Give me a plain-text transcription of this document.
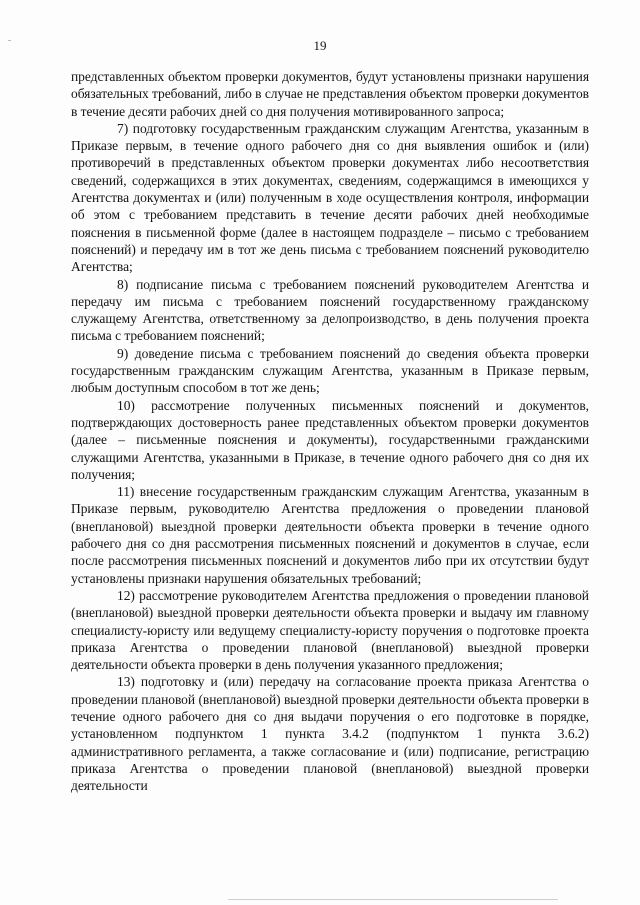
19

представленных объектом проверки документов, будут установлены признаки нарушения обязательных требований, либо в случае не представления объектом проверки документов в течение десяти рабочих дней со дня получения мотивированного запроса;

7) подготовку государственным гражданским служащим Агентства, указанным в Приказе первым, в течение одного рабочего дня со дня выявления ошибок и (или) противоречий в представленных объектом проверки документах либо несоответствия сведений, содержащихся в этих документах, сведениям, содержащимся в имеющихся у Агентства документах и (или) полученным в ходе осуществления контроля, информации об этом с требованием представить в течение десяти рабочих дней необходимые пояснения в письменной форме (далее в настоящем подразделе – письмо с требованием пояснений) и передачу им в тот же день письма с требованием пояснений руководителю Агентства;

8) подписание письма с требованием пояснений руководителем Агентства и передачу им письма с требованием пояснений государственному гражданскому служащему Агентства, ответственному за делопроизводство, в день получения проекта письма с требованием пояснений;

9) доведение письма с требованием пояснений до сведения объекта проверки государственным гражданским служащим Агентства, указанным в Приказе первым, любым доступным способом в тот же день;

10) рассмотрение полученных письменных пояснений и документов, подтверждающих достоверность ранее представленных объектом проверки документов (далее – письменные пояснения и документы), государственными гражданскими служащими Агентства, указанными в Приказе, в течение одного рабочего дня со дня их получения;

11) внесение государственным гражданским служащим Агентства, указанным в Приказе первым, руководителю Агентства предложения о проведении плановой (внеплановой) выездной проверки деятельности объекта проверки в течение одного рабочего дня со дня рассмотрения письменных пояснений и документов в случае, если после рассмотрения письменных пояснений и документов либо при их отсутствии будут установлены признаки нарушения обязательных требований;

12) рассмотрение руководителем Агентства предложения о проведении плановой (внеплановой) выездной проверки деятельности объекта проверки и выдачу им главному специалисту-юристу или ведущему специалисту-юристу поручения о подготовке проекта приказа Агентства о проведении плановой (внеплановой) выездной проверки деятельности объекта проверки в день получения указанного предложения;

13) подготовку и (или) передачу на согласование проекта приказа Агентства о проведении плановой (внеплановой) выездной проверки деятельности объекта проверки в течение одного рабочего дня со дня выдачи поручения о его подготовке в порядке, установленном подпунктом 1 пункта 3.4.2 (подпунктом 1 пункта 3.6.2) административного регламента, а также согласование и (или) подписание, регистрацию приказа Агентства о проведении плановой (внеплановой) выездной проверки деятельности
